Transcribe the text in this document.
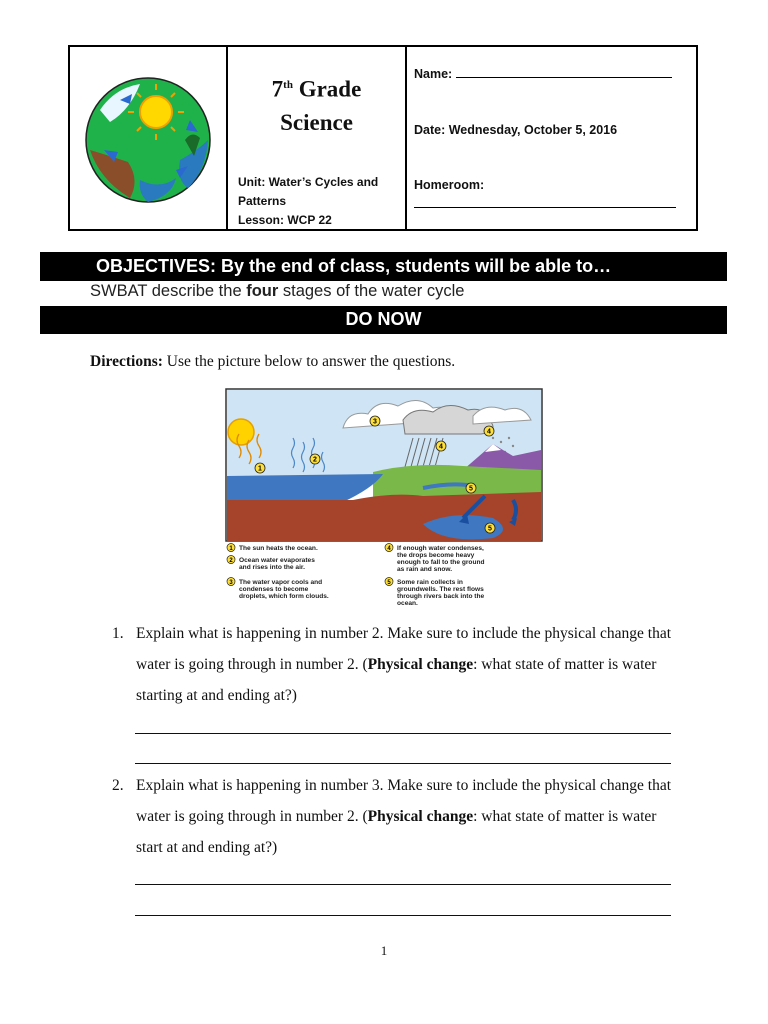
7th Grade
Science
Unit: Water’s Cycles and Patterns
Lesson: WCP 22
Name:
Date: Wednesday, October 5, 2016
Homeroom:
OBJECTIVES: By the end of class, students will be able to…
SWBAT describe the four stages of the water cycle
DO NOW
Directions: Use the picture below to answer the questions.
1
2
3
4
4
5
5
1 The sun heats the ocean.
2 Ocean water evaporates
and rises into the air.
3 The water vapor cools and
condenses to become
droplets, which form clouds.
4 If enough water condenses,
the drops become heavy
enough to fall to the ground
as rain and snow.
5 Some rain collects in
groundwells. The rest flows
through rivers back into the
ocean.
1. Explain what is happening in number 2. Make sure to include the physical change that water is going through in number 2. (Physical change: what state of matter is water starting at and ending at?)
2. Explain what is happening in number 3. Make sure to include the physical change that water is going through in number 2. (Physical change: what state of matter is water start at and ending at?)
1
